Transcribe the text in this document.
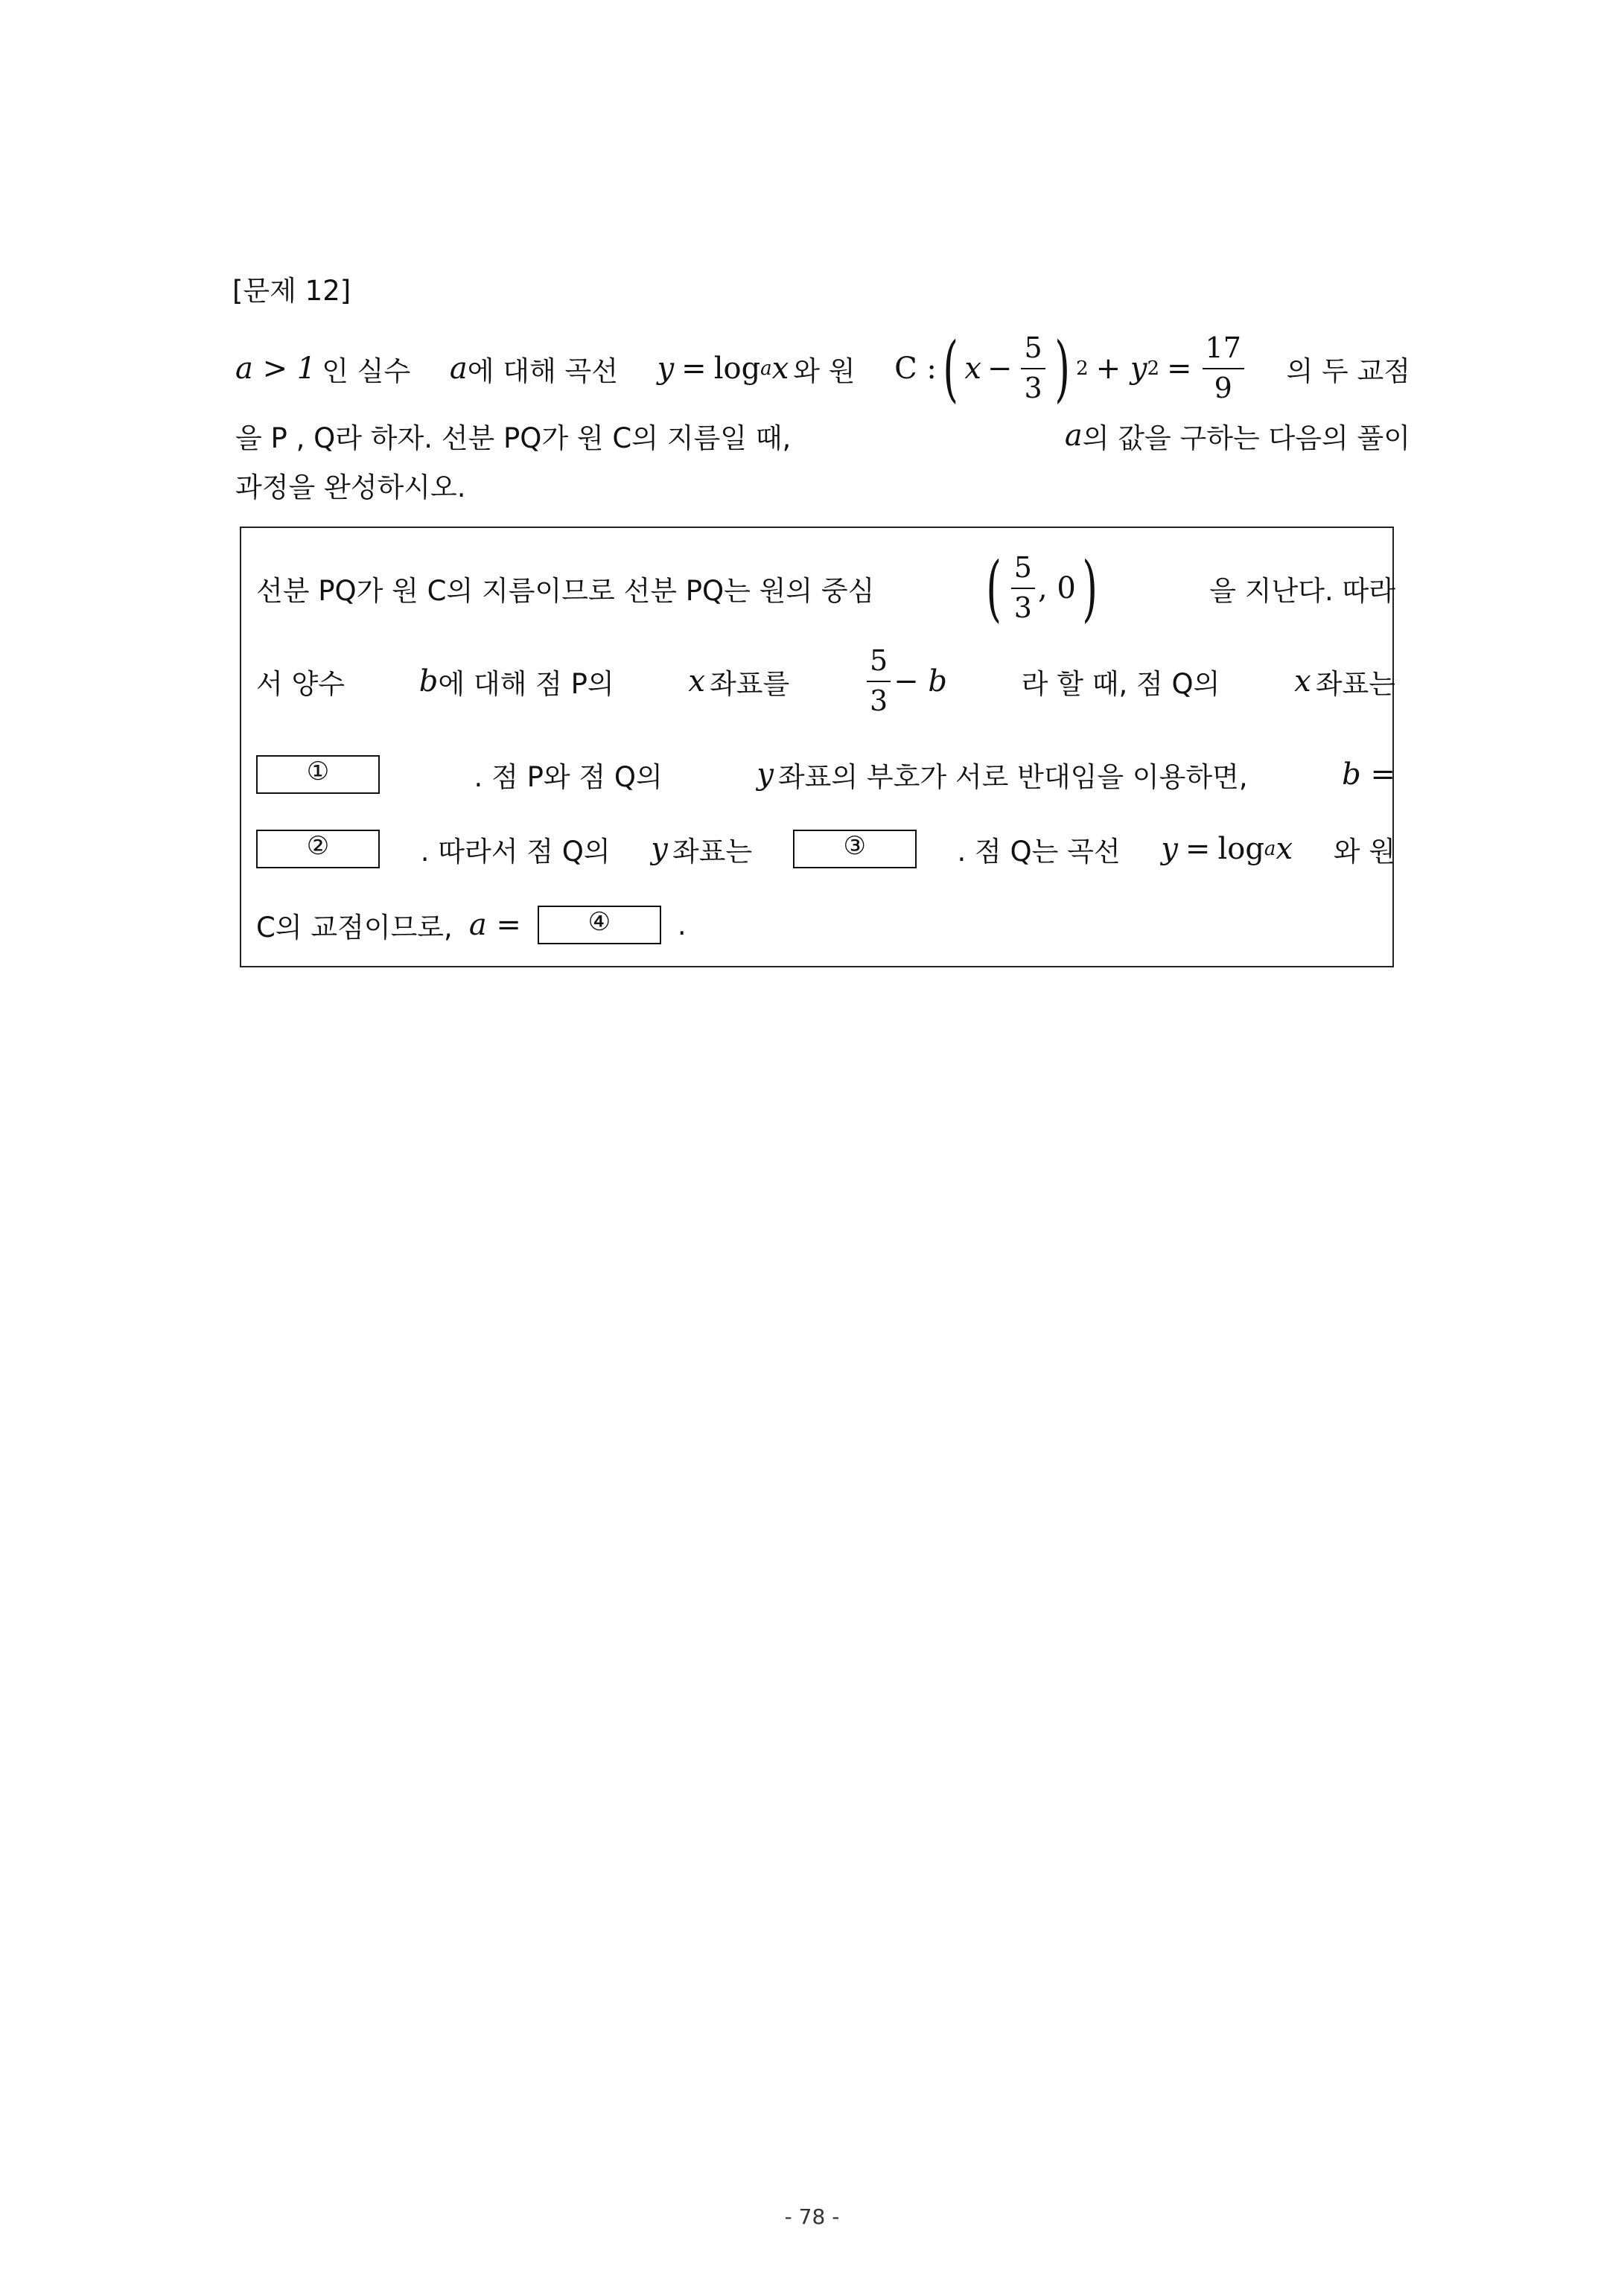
[문제 12]
a > 1 인 실수 a 에 대해 곡선 y = log a x 와 원 C : ( $x - \frac{5}{3}$ ) 2 + y $2 = \frac{17}{9}$ 의 두 교점
을 P , Q라 하자. 선분 PQ가 원 C의 지름일 때,	a 의 값을 구하는 다음의 풀이
과정을 완성하시오.
선분 PQ가 원 C의 지름이므로 선분 PQ는 원의 중심 ( $\frac{5}{3}$ , 0 )	을 지난다. 따라
서 양수 b 에 대해 점 P의 x 좌표를	$\frac{5}{3} - b$	라 할 때, 점 Q의 x 좌표는
①	. 점 P와 점 Q의	y 좌표의 부호가 서로 반대임을 이용하면,	b =
②	. 따라서 점 Q의 y 좌표는	③	. 점 Q는 곡선 y = log a x 와 원
C의 교점이므로, a =	④	.
- 78 -
